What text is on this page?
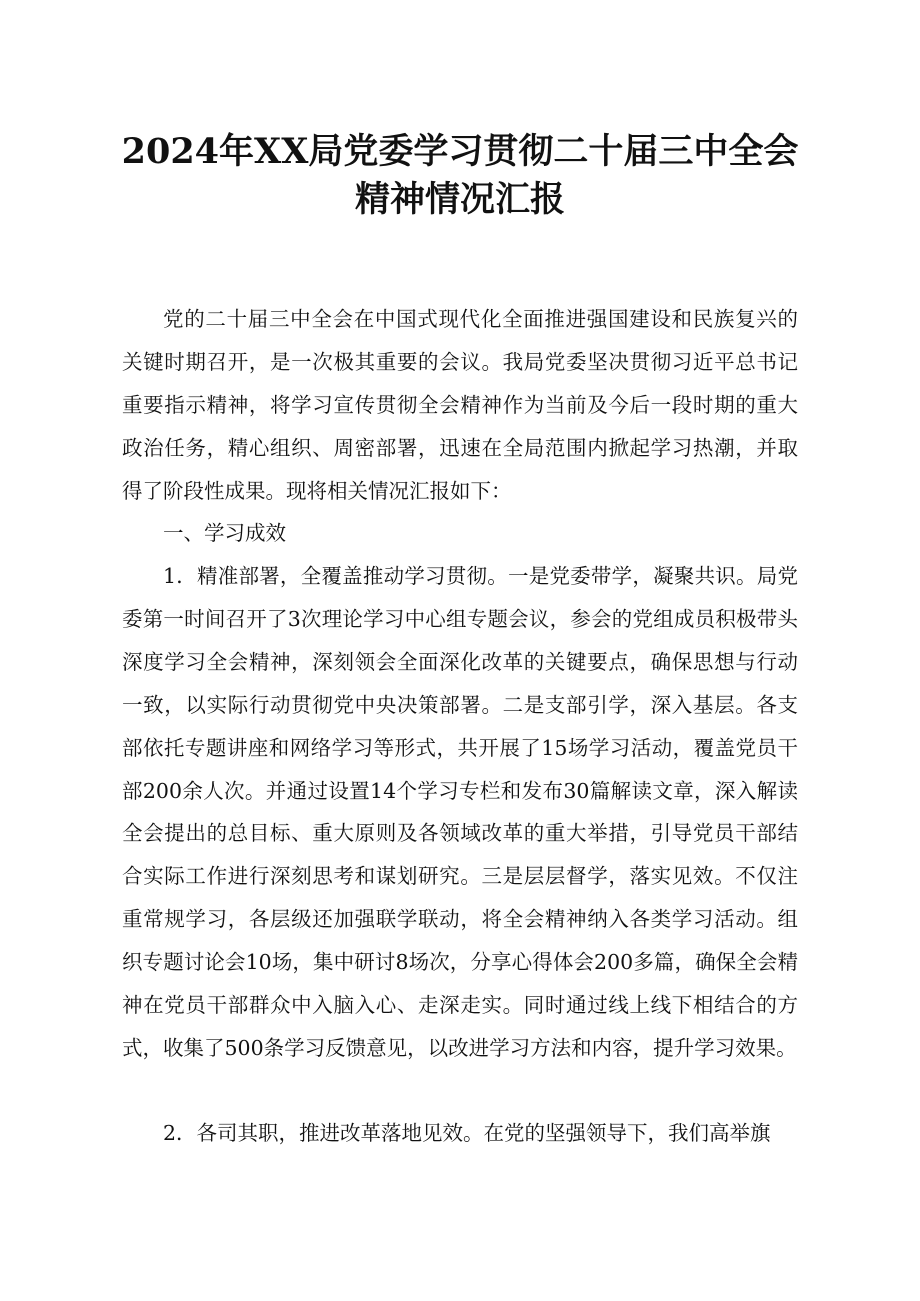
2024年XX局党委学习贯彻二十届三中全会
精神情况汇报

党的二十届三中全会在中国式现代化全面推进强国建设和民族复兴的关键时期召开，是一次极其重要的会议。我局党委坚决贯彻习近平总书记重要指示精神，将学习宣传贯彻全会精神作为当前及今后一段时期的重大政治任务，精心组织、周密部署，迅速在全局范围内掀起学习热潮，并取得了阶段性成果。现将相关情况汇报如下：

一、学习成效

1．精准部署，全覆盖推动学习贯彻。一是党委带学，凝聚共识。局党委第一时间召开了3次理论学习中心组专题会议，参会的党组成员积极带头深度学习全会精神，深刻领会全面深化改革的关键要点，确保思想与行动一致，以实际行动贯彻党中央决策部署。二是支部引学，深入基层。各支部依托专题讲座和网络学习等形式，共开展了15场学习活动，覆盖党员干部200余人次。并通过设置14个学习专栏和发布30篇解读文章，深入解读全会提出的总目标、重大原则及各领域改革的重大举措，引导党员干部结合实际工作进行深刻思考和谋划研究。三是层层督学，落实见效。不仅注重常规学习，各层级还加强联学联动，将全会精神纳入各类学习活动。组织专题讨论会10场，集中研讨8场次，分享心得体会200多篇，确保全会精神在党员干部群众中入脑入心、走深走实。同时通过线上线下相结合的方式，收集了500条学习反馈意见，以改进学习方法和内容，提升学习效果。

2．各司其职，推进改革落地见效。在党的坚强领导下，我们高举旗
